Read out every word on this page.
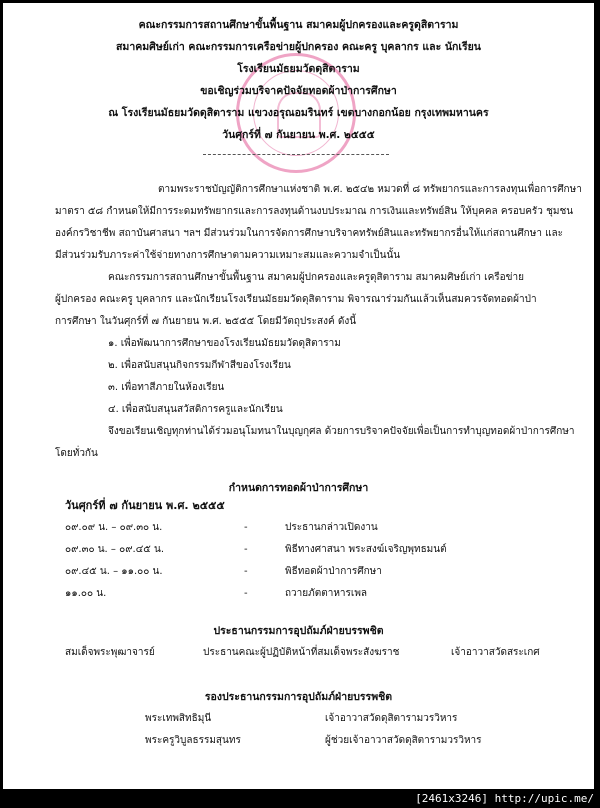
คณะกรรมการสถานศึกษาขั้นพื้นฐาน สมาคมผู้ปกครองและครูดุสิตาราม
สมาคมศิษย์เก่า คณะกรรมการเครือข่ายผู้ปกครอง คณะครู บุคลากร และ นักเรียน
โรงเรียนมัธยมวัดดุสิตาราม
ขอเชิญร่วมบริจาคปัจจัยทอดผ้าป่าการศึกษา
ณ โรงเรียนมัธยมวัดดุสิตาราม แขวงอรุณอมรินทร์ เขตบางกอกน้อย กรุงเทพมหานคร
วันศุกร์ที่ ๗ กันยายน พ.ศ. ๒๕๕๕
ตามพระราชบัญญัติการศึกษาแห่งชาติ พ.ศ. ๒๕๔๒ หมวดที่ ๘ ทรัพยากรและการลงทุนเพื่อการศึกษา
มาตรา ๕๘ กำหนดให้มีการระดมทรัพยากรและการลงทุนด้านงบประมาณ การเงินและทรัพย์สิน ให้บุคคล ครอบครัว ชุมชน
องค์กรวิชาชีพ สถาบันศาสนา ฯลฯ มีส่วนร่วมในการจัดการศึกษาบริจาคทรัพย์สินและทรัพยากรอื่นให้แก่สถานศึกษา และ
มีส่วนร่วมรับภาระค่าใช้จ่ายทางการศึกษาตามความเหมาะสมและความจำเป็นนั้น
คณะกรรมการสถานศึกษาขั้นพื้นฐาน สมาคมผู้ปกครองและครูดุสิตาราม สมาคมศิษย์เก่า เครือข่าย
ผู้ปกครอง คณะครู บุคลากร และนักเรียนโรงเรียนมัธยมวัดดุสิตาราม พิจารณาร่วมกันแล้วเห็นสมควรจัดทอดผ้าป่า
การศึกษา ในวันศุกร์ที่ ๗ กันยายน พ.ศ. ๒๕๕๕ โดยมีวัตถุประสงค์ ดังนี้
๑. เพื่อพัฒนาการศึกษาของโรงเรียนมัธยมวัดดุสิตาราม
๒. เพื่อสนับสนุนกิจกรรมกีฬาสีของโรงเรียน
๓. เพื่อทาสีภายในห้องเรียน
๔. เพื่อสนับสนุนสวัสดิการครูและนักเรียน
จึงขอเรียนเชิญทุกท่านได้ร่วมอนุโมทนาในบุญกุศล ด้วยการบริจาคปัจจัยเพื่อเป็นการทำบุญทอดผ้าป่าการศึกษา
โดยทั่วกัน
กำหนดการทอดผ้าป่าการศึกษา
วันศุกร์ที่ ๗ กันยายน พ.ศ. ๒๕๕๕
๐๙.๐๙ น. – ๐๙.๓๐ น.	-	ประธานกล่าวเปิดงาน
๐๙.๓๐ น. – ๐๙.๔๕ น.	-	พิธีทางศาสนา พระสงฆ์เจริญพุทธมนต์
๐๙.๔๕ น. – ๑๑.๐๐ น.	-	พิธีทอดผ้าป่าการศึกษา
๑๑.๐๐ น.	-	ถวายภัตตาหารเพล
ประธานกรรมการอุปถัมภ์ฝ่ายบรรพชิต
สมเด็จพระพุฒาจารย์	ประธานคณะผู้ปฏิบัติหน้าที่สมเด็จพระสังฆราช	เจ้าอาวาสวัดสระเกศ
รองประธานกรรมการอุปถัมภ์ฝ่ายบรรพชิต
พระเทพสิทธิมุนี	เจ้าอาวาสวัดดุสิตารามวรวิหาร
พระครูวิบูลธรรมสุนทร	ผู้ช่วยเจ้าอาวาสวัดดุสิตารามวรวิหาร
[2461x3246] http://upic.me/
